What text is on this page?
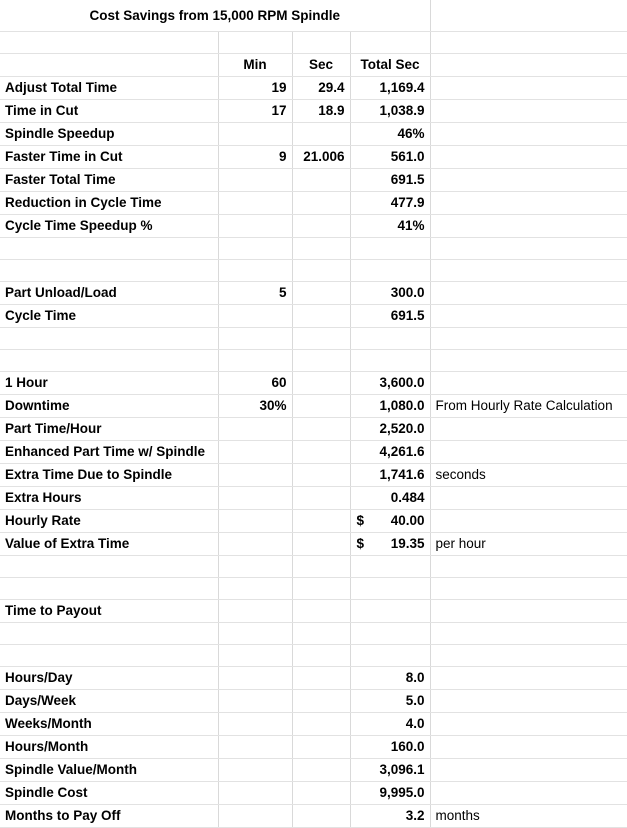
Cost Savings from 15,000 RPM Spindle				

	Min	Sec	Total Sec	
Adjust Total Time	19	29.4	1,169.4	
Time in Cut	17	18.9	1,038.9	
Spindle Speedup			46%	
Faster Time in Cut	9	21.006	561.0	
Faster Total Time			691.5	
Reduction in Cycle Time			477.9	
Cycle Time Speedup %			41%	

Part Unload/Load	5		300.0	
Cycle Time			691.5	

1 Hour	60		3,600.0	
Downtime	30%		1,080.0	From Hourly Rate Calculation
Part Time/Hour			2,520.0	
Enhanced Part Time w/ Spindle			4,261.6	
Extra Time Due to Spindle			1,741.6	seconds
Extra Hours			0.484	
Hourly Rate			$ 40.00	
Value of Extra Time			$ 19.35	per hour

Time to Payout				

Hours/Day			8.0	
Days/Week			5.0	
Weeks/Month			4.0	
Hours/Month			160.0	
Spindle Value/Month			3,096.1	
Spindle Cost			9,995.0	
Months to Pay Off			3.2	months
